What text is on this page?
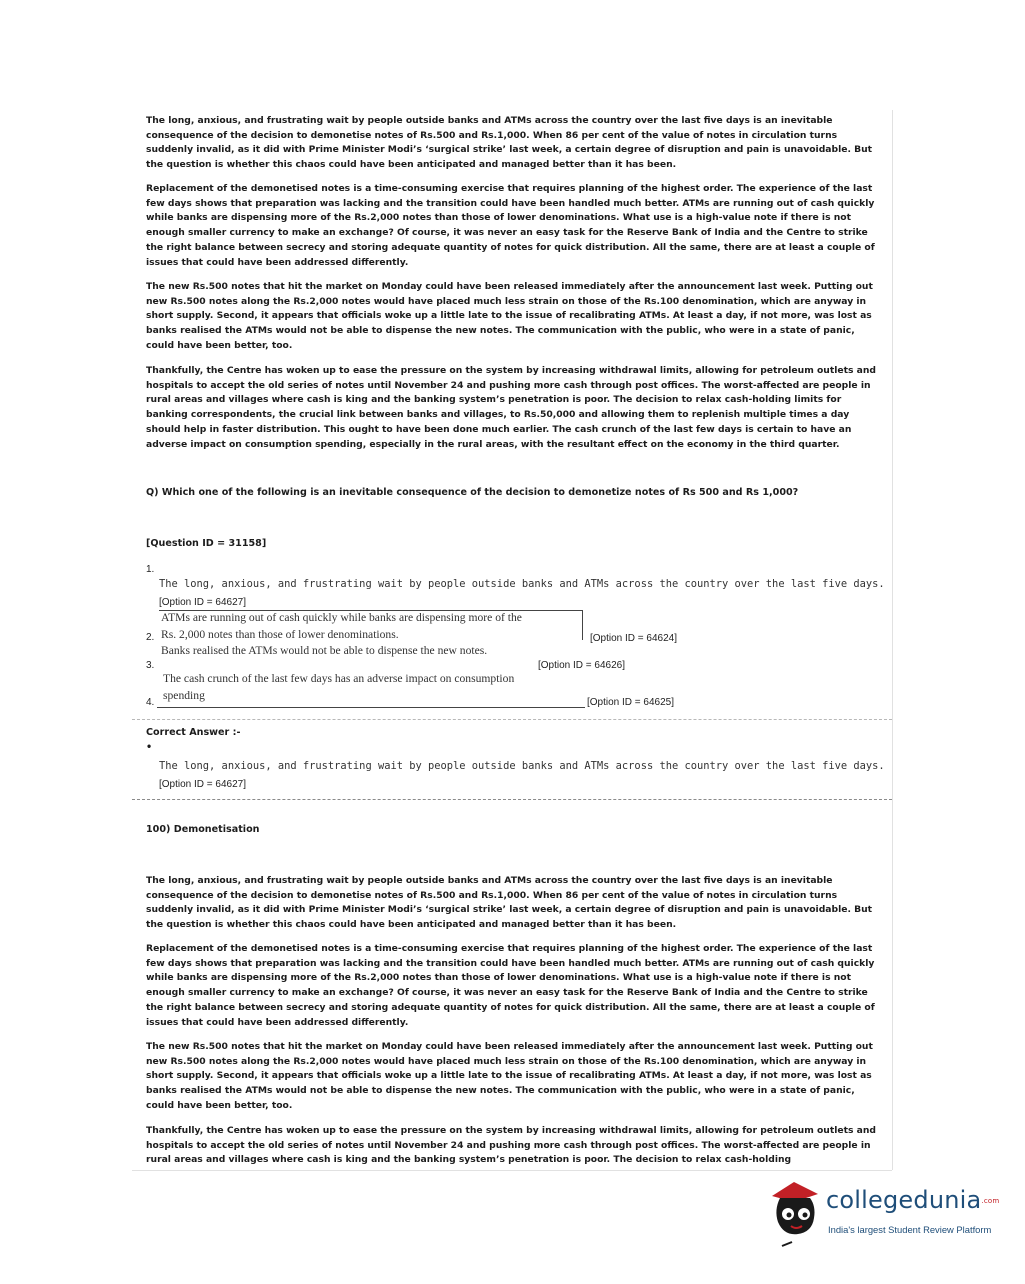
The long, anxious, and frustrating wait by people outside banks and ATMs across the country over the last five days is an inevitable consequence of the decision to demonetise notes of Rs.500 and Rs.1,000. When 86 per cent of the value of notes in circulation turns suddenly invalid, as it did with Prime Minister Modi’s ‘surgical strike’ last week, a certain degree of disruption and pain is unavoidable. But the question is whether this chaos could have been anticipated and managed better than it has been.

Replacement of the demonetised notes is a time-consuming exercise that requires planning of the highest order. The experience of the last few days shows that preparation was lacking and the transition could have been handled much better. ATMs are running out of cash quickly while banks are dispensing more of the Rs.2,000 notes than those of lower denominations. What use is a high-value note if there is not enough smaller currency to make an exchange? Of course, it was never an easy task for the Reserve Bank of India and the Centre to strike the right balance between secrecy and storing adequate quantity of notes for quick distribution. All the same, there are at least a couple of issues that could have been addressed differently.

The new Rs.500 notes that hit the market on Monday could have been released immediately after the announcement last week. Putting out new Rs.500 notes along the Rs.2,000 notes would have placed much less strain on those of the Rs.100 denomination, which are anyway in short supply. Second, it appears that officials woke up a little late to the issue of recalibrating ATMs. At least a day, if not more, was lost as banks realised the ATMs would not be able to dispense the new notes. The communication with the public, who were in a state of panic, could have been better, too.

Thankfully, the Centre has woken up to ease the pressure on the system by increasing withdrawal limits, allowing for petroleum outlets and hospitals to accept the old series of notes until November 24 and pushing more cash through post offices. The worst-affected are people in rural areas and villages where cash is king and the banking system’s penetration is poor. The decision to relax cash-holding limits for banking correspondents, the crucial link between banks and villages, to Rs.50,000 and allowing them to replenish multiple times a day should help in faster distribution. This ought to have been done much earlier. The cash crunch of the last few days is certain to have an adverse impact on consumption spending, especially in the rural areas, with the resultant effect on the economy in the third quarter.

Q) Which one of the following is an inevitable consequence of the decision to demonetize notes of Rs 500 and Rs 1,000?

[Question ID = 31158]

1.
The long, anxious, and frustrating wait by people outside banks and ATMs across the country over the last five days.
[Option ID = 64627]
ATMs are running out of cash quickly while banks are dispensing more of the
2. Rs. 2,000 notes than those of lower denominations.	[Option ID = 64624]
Banks realised the ATMs would not be able to dispense the new notes.
3.	[Option ID = 64626]
The cash crunch of the last few days has an adverse impact on consumption
spending
4.	[Option ID = 64625]

Correct Answer :-

•
The long, anxious, and frustrating wait by people outside banks and ATMs across the country over the last five days.
[Option ID = 64627]

100) Demonetisation

The long, anxious, and frustrating wait by people outside banks and ATMs across the country over the last five days is an inevitable consequence of the decision to demonetise notes of Rs.500 and Rs.1,000. When 86 per cent of the value of notes in circulation turns suddenly invalid, as it did with Prime Minister Modi’s ‘surgical strike’ last week, a certain degree of disruption and pain is unavoidable. But the question is whether this chaos could have been anticipated and managed better than it has been.

Replacement of the demonetised notes is a time-consuming exercise that requires planning of the highest order. The experience of the last few days shows that preparation was lacking and the transition could have been handled much better. ATMs are running out of cash quickly while banks are dispensing more of the Rs.2,000 notes than those of lower denominations. What use is a high-value note if there is not enough smaller currency to make an exchange? Of course, it was never an easy task for the Reserve Bank of India and the Centre to strike the right balance between secrecy and storing adequate quantity of notes for quick distribution. All the same, there are at least a couple of issues that could have been addressed differently.

The new Rs.500 notes that hit the market on Monday could have been released immediately after the announcement last week. Putting out new Rs.500 notes along the Rs.2,000 notes would have placed much less strain on those of the Rs.100 denomination, which are anyway in short supply. Second, it appears that officials woke up a little late to the issue of recalibrating ATMs. At least a day, if not more, was lost as banks realised the ATMs would not be able to dispense the new notes. The communication with the public, who were in a state of panic, could have been better, too.

Thankfully, the Centre has woken up to ease the pressure on the system by increasing withdrawal limits, allowing for petroleum outlets and hospitals to accept the old series of notes until November 24 and pushing more cash through post offices. The worst-affected are people in rural areas and villages where cash is king and the banking system’s penetration is poor. The decision to relax cash-holding

collegedunia.com
India's largest Student Review Platform
